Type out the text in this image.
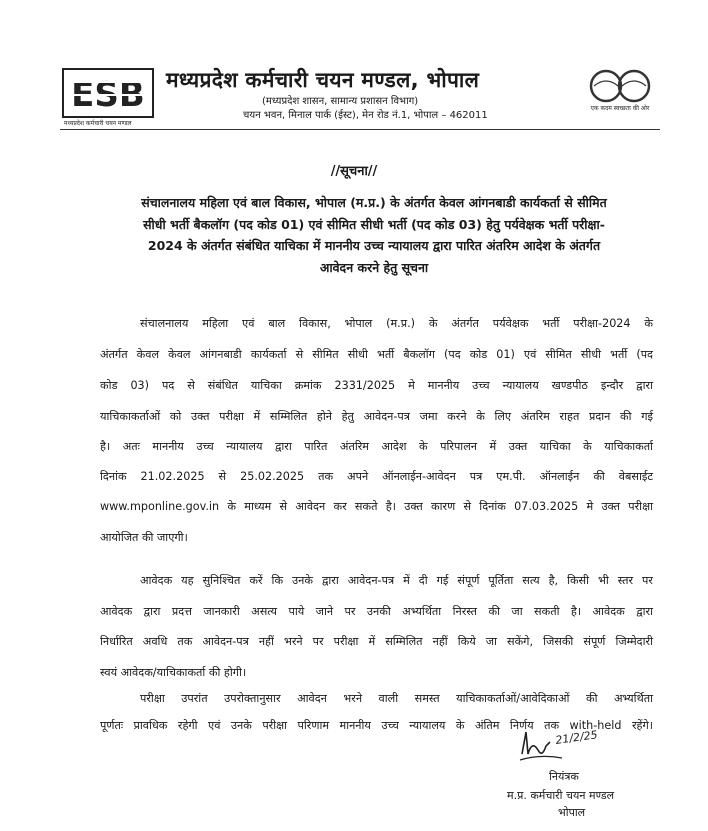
ESB मध्यप्रदेश कर्मचारी चयन मण्डल, भोपाल
(मध्यप्रदेश शासन, सामान्य प्रशासन विभाग)
चयन भवन, मिनाल पार्क (ईस्ट), मेन रोड नं.1, भोपाल – 462011
मध्यप्रदेश कर्मचारी चयन मण्डल
एक कदम स्वच्छता की ओर
//सूचना//
संचालनालय महिला एवं बाल विकास, भोपाल (म.प्र.) के अंतर्गत केवल आंगनबाडी कार्यकर्ता से सीमित
सीधी भर्ती बैकलॉग (पद कोड 01) एवं सीमित सीधी भर्ती (पद कोड 03) हेतु पर्यवेक्षक भर्ती परीक्षा-
2024 के अंतर्गत संबंधित याचिका में माननीय उच्च न्यायालय द्वारा पारित अंतरिम आदेश के अंतर्गत
आवेदन करने हेतु सूचना
संचालनालय महिला एवं बाल विकास, भोपाल (म.प्र.) के अंतर्गत पर्यवेक्षक भर्ती परीक्षा-2024 के
अंतर्गत केवल केवल आंगनबाडी कार्यकर्ता से सीमित सीधी भर्ती बैकलॉग (पद कोड 01) एवं सीमित सीधी भर्ती (पद
कोड 03) पद से संबंधित याचिका क्रमांक 2331/2025 मे माननीय उच्च न्यायालय खण्डपीठ इन्दौर द्वारा
याचिकाकर्ताओं को उक्त परीक्षा में सम्मिलित होने हेतु आवेदन-पत्र जमा करने के लिए अंतरिम राहत प्रदान की गई
है। अतः माननीय उच्च न्यायालय द्वारा पारित अंतरिम आदेश के परिपालन में उक्त याचिका के याचिकाकर्ता
दिनांक 21.02.2025 से 25.02.2025 तक अपने ऑनलाईन-आवेदन पत्र एम.पी. ऑनलाईन की वेबसाईट
www.mponline.gov.in के माध्यम से आवेदन कर सकते है। उक्त कारण से दिनांक 07.03.2025 मे उक्त परीक्षा
आयोजित की जाएगी।
आवेदक यह सुनिश्चित करें कि उनके द्वारा आवेदन-पत्र में दी गई संपूर्ण पूर्तिता सत्य है, किसी भी स्तर पर
आवेदक द्वारा प्रदत्त जानकारी असत्य पाये जाने पर उनकी अभ्यर्थिता निरस्त की जा सकती है। आवेदक द्वारा
निर्धारित अवधि तक आवेदन-पत्र नहीं भरने पर परीक्षा में सम्मिलित नहीं किये जा सकेंगे, जिसकी संपूर्ण जिम्मेदारी
स्वयं आवेदक/याचिकाकर्ता की होगी।
परीक्षा उपरांत उपरोक्तानुसार आवेदन भरने वाली समस्त याचिकाकर्ताओं/आवेदिकाओं की अभ्यर्थिता
पूर्णतः प्रावधिक रहेगी एवं उनके परीक्षा परिणाम माननीय उच्च न्यायालय के अंतिम निर्णय तक with-held रहेंगे।
21/2/25
नियंत्रक
म.प्र. कर्मचारी चयन मण्डल
भोपाल
